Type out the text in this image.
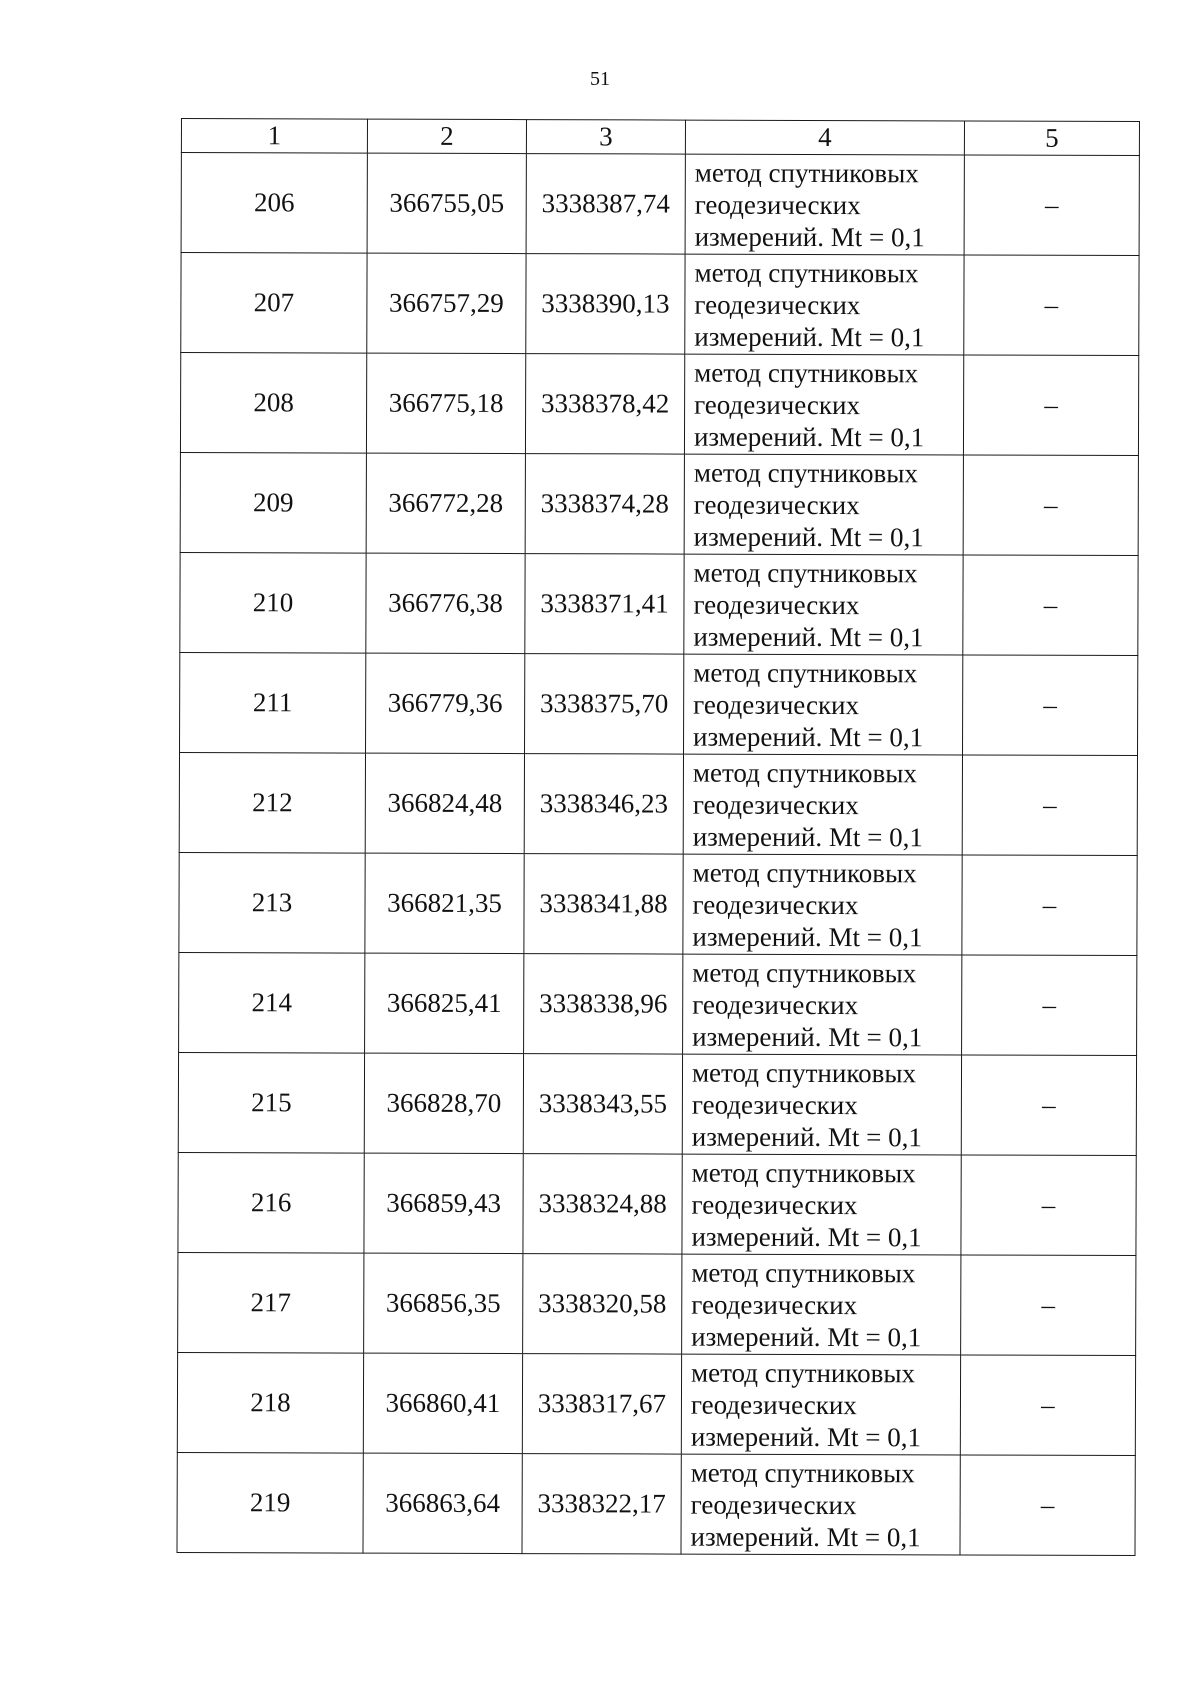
51
1	2	3	4	5
206	366755,05	3338387,74	метод спутниковых
геодезических
измерений. Mt = 0,1	–
207	366757,29	3338390,13	метод спутниковых
геодезических
измерений. Mt = 0,1	–
208	366775,18	3338378,42	метод спутниковых
геодезических
измерений. Mt = 0,1	–
209	366772,28	3338374,28	метод спутниковых
геодезических
измерений. Mt = 0,1	–
210	366776,38	3338371,41	метод спутниковых
геодезических
измерений. Mt = 0,1	–
211	366779,36	3338375,70	метод спутниковых
геодезических
измерений. Mt = 0,1	–
212	366824,48	3338346,23	метод спутниковых
геодезических
измерений. Mt = 0,1	–
213	366821,35	3338341,88	метод спутниковых
геодезических
измерений. Mt = 0,1	–
214	366825,41	3338338,96	метод спутниковых
геодезических
измерений. Mt = 0,1	–
215	366828,70	3338343,55	метод спутниковых
геодезических
измерений. Mt = 0,1	–
216	366859,43	3338324,88	метод спутниковых
геодезических
измерений. Mt = 0,1	–
217	366856,35	3338320,58	метод спутниковых
геодезических
измерений. Mt = 0,1	–
218	366860,41	3338317,67	метод спутниковых
геодезических
измерений. Mt = 0,1	–
219	366863,64	3338322,17	метод спутниковых
геодезических
измерений. Mt = 0,1	–
